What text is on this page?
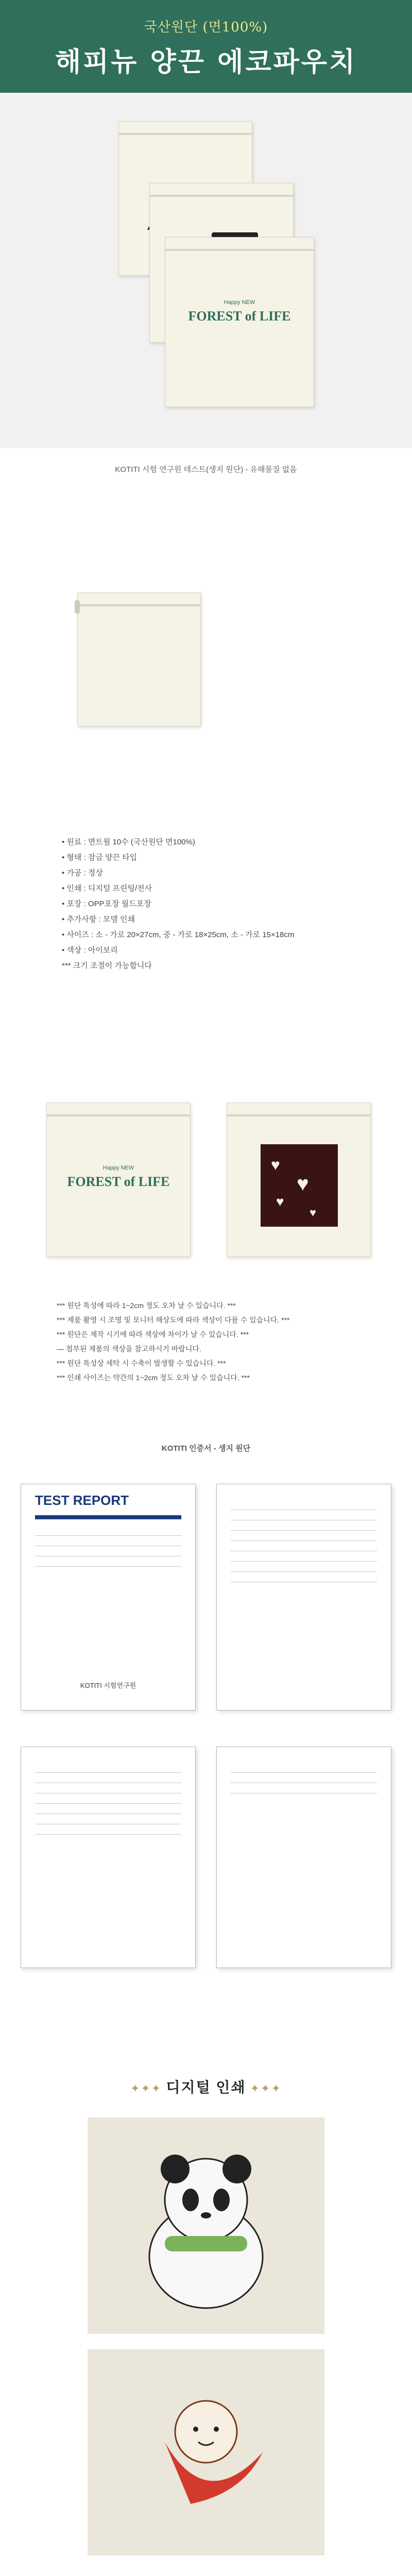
국산원단 (면100%)
해피뉴 양끈 에코파우치
Happy NEW
FOREST of LIFE
KOTITI 시험 연구원 테스트(생지 원단) - 유해물질 없음
• 원료 : 면트윌 10수 (국산원단 면100%)
• 형태 : 잠금 양끈 타입
• 가공 : 정상
• 인쇄 : 디지털 프린팅/전사
• 포장 : OPP포장 월드포장
• 추가사항 : 모델 인쇄
• 사이즈 : 소 - 가로 20×27cm, 중 - 가로 18×25cm, 소 - 가로 15×18cm
• 색상 : 아이보리
*** 크기 조절이 가능합니다
Happy NEW
FOREST of LIFE
♥
♥
♥
♥
*** 원단 특성에 따라 1~2cm 정도 오차 날 수 있습니다. ***
*** 제품 촬영 시 조명 및 모니터 해상도에 따라 색상이 다를 수 있습니다. ***
*** 원단은 제작 시기에 따라 색상에 차이가 날 수 있습니다. ***
— 첨부된 제품의 색상을 참고하시기 바랍니다.
*** 원단 특성상 세탁 시 수축이 발생할 수 있습니다. ***
*** 인쇄 사이즈는 약간의 1~2cm 정도 오차 날 수 있습니다. ***
KOTITI 인증서 - 생지 원단
TEST REPORT
KOTITI 시험연구원
✦✦✦ 디지털 인쇄 ✦✦✦
